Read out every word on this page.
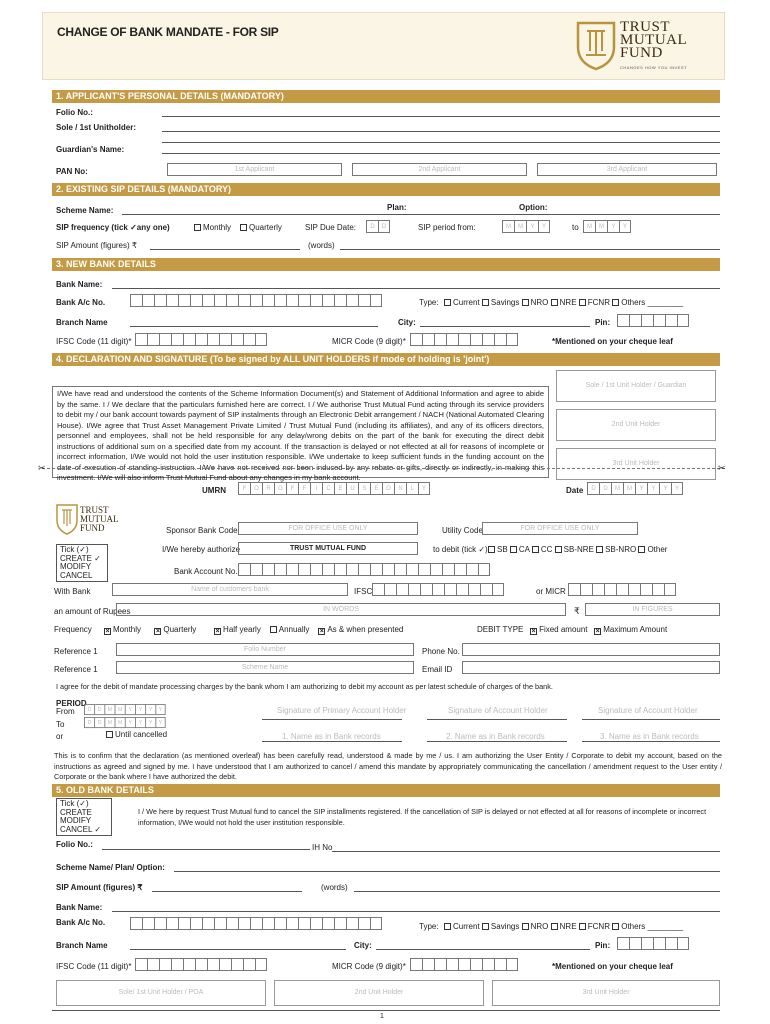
CHANGE OF BANK MANDATE - FOR SIP	TRUST
MUTUAL
FUND
CHANGES HOW YOU INVEST
1. APPLICANT'S PERSONAL DETAILS (MANDATORY)
Folio No.:
Sole / 1st Unitholder:
Guardian's Name:
PAN No:	1st Applicant	2nd Applicant	3rd Applicant
2. EXISTING SIP DETAILS (MANDATORY)
Scheme Name:	Plan:	Option:
SIP frequency (tick ✓any one)	Monthly	Quarterly	SIP Due Date:	D	D	SIP period from:	M	M	Y	Y	to	M	M	Y	Y
SIP Amount (figures) ₹	(words)
3. NEW BANK DETAILS
Bank Name:
Bank A/c No.	Type:	Current Savings NRO NRE FCNR Others ________
Branch Name	City:	Pin:
IFSC Code (11 digit)*	MICR Code (9 digit)*	*Mentioned on your cheque leaf
4. DECLARATION AND SIGNATURE (To be signed by ALL UNIT HOLDERS if mode of holding is 'joint')
I/We have read and understood the contents of the Scheme Information Document(s) and Statement of Additional Information and agree to abide by the same. I / We declare that the particulars furnished here are correct. I / We authorise Trust Mutual Fund acting through its service providers to debit my / our bank account towards payment of SIP instalments through an Electronic Debit arrangement / NACH (National Automated Clearing House). I/We agree that Trust Asset Management Private Limited / Trust Mutual Fund (including its affiliates), and any of its officers directors, personnel and employees, shall not be held responsible for any delay/wrong debits on the part of the bank for executing the direct debit instructions of additional sum on a specified date from my account. If the transaction is delayed or not effected at all for reasons of incomplete or incorrect information, I/We would not hold the user institution responsible. I/We undertake to keep sufficient funds in the funding account on the date of execution of standing instruction. I/We have not received nor been induced by any rebate or gifts, directly or indirectly, in making this investment. I/We will also inform Trust Mutual Fund about any changes in my bank account.
Sole / 1st Unit Holder / Guardian
2nd Unit Holder
3rd Unit Holder
✂	✂
TRUST
MUTUAL
FUND
UMRN	F	O	R	O	F	F	I	C	E	U	S	E	O	N	L	Y	Date	D	D	M	M	Y	Y	Y	Y
Sponsor Bank Code	FOR OFFICE USE ONLY	Utility Code	FOR OFFICE USE ONLY
Tick (✓)
CREATE ✓
MODIFY
CANCEL
I/We hereby authorize	TRUST MUTUAL FUND	to debit (tick ✓)	SB CA CC SB-NRE SB-NRO Other
Bank Account No.
With Bank	Name of customers bank	IFSC	or MICR
an amount of Rupees	IN WORDS	₹	IN FIGURES
Frequency × Monthly × Quarterly	× Half yearly Annually × As & when presented	DEBIT TYPE × Fixed amount × Maximum Amount
Reference 1	Folio Number	Phone No.
Reference 1	Scheme Name	Email ID
I agree for the debit of mandate processing charges by the bank whom I am authorizing to debit my account as per latest schedule of charges of the bank.
PERIOD
From	D	D	M M	Y	Y	Y	Y
To	D	D	M M	Y	Y	Y	Y
or	Until cancelled
Signature of Primary Account Holder	Signature of Account Holder	Signature of Account Holder
1. Name as in Bank records	2. Name as in Bank records	3. Name as in Bank records
This is to confirm that the declaration (as mentioned overleaf) has been carefully read, understood & made by me / us. I am authorizing the User Entity / Corporate to debit my account, based on the instructions as agreed and signed by me. I have understood that I am authorized to cancel / amend this mandate by appropriately communicating the cancellation / amendment request to the User entity / Corporate or the bank where I have authorized the debit.
5. OLD BANK DETAILS
Tick (✓)
CREATE
MODIFY
CANCEL ✓
I / We here by request Trust Mutual fund to cancel the SIP installments registered. If the cancellation of SIP is delayed or not effected at all for reasons of incomplete or incorrect information, I/We would not hold the user institution responsible.
Folio No.:	IH No
Scheme Name/ Plan/ Option:
SIP Amount (figures) ₹	(words)
Bank Name:
Bank A/c No.	Type:	Current Savings NRO NRE FCNR Others ________
Branch Name	City:	Pin:
IFSC Code (11 digit)*	MICR Code (9 digit)*	*Mentioned on your cheque leaf
Sole/ 1st Unit Holder / POA	2nd Unit Holder	3rd Unit Holder
1
